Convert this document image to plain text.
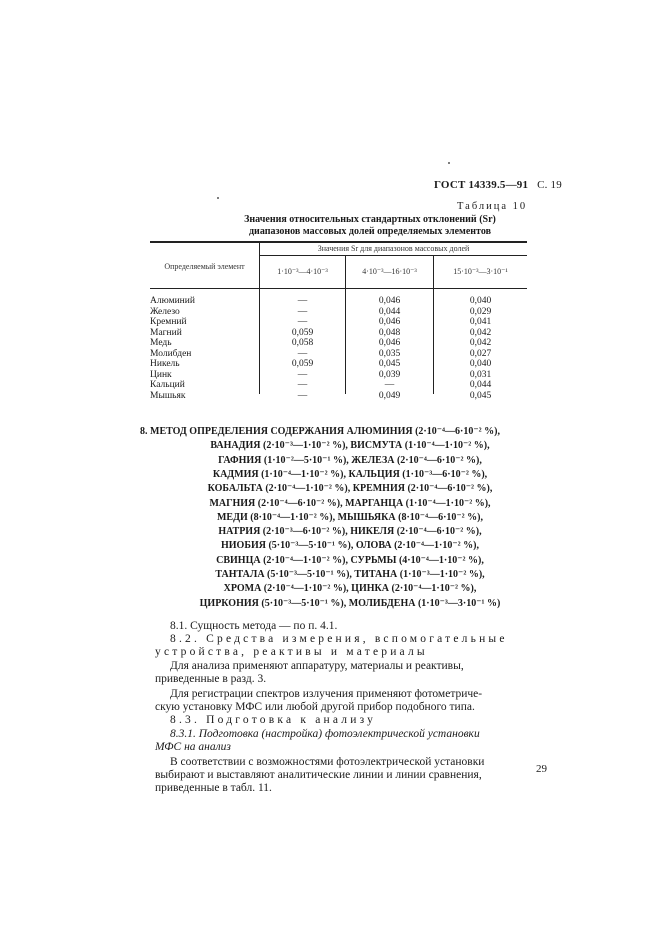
ГОСТ 14339.5—91 С. 19
Таблица 10
Значения относительных стандартных отклонений (Sr)
диапазонов массовых долей определяемых элементов
Определяемый элемент
Значения Sr для диапазонов массовых долей
1·10⁻³—4·10⁻³	4·10⁻³—16·10⁻³	15·10⁻³—3·10⁻¹
Алюминий	—	0,046	0,040
Железо	—	0,044	0,029
Кремний	—	0,046	0,041
Магний	0,059	0,048	0,042
Медь	0,058	0,046	0,042
Молибден	—	0,035	0,027
Никель	0,059	0,045	0,040
Цинк	—	0,039	0,031
Кальций	—	—	0,044
Мышьяк	—	0,049	0,045
8. МЕТОД ОПРЕДЕЛЕНИЯ СОДЕРЖАНИЯ АЛЮМИНИЯ (2·10⁻⁴—6·10⁻² %),
ВАНАДИЯ (2·10⁻³—1·10⁻² %), ВИСМУТА (1·10⁻⁴—1·10⁻² %),
ГАФНИЯ (1·10⁻²—5·10⁻¹ %), ЖЕЛЕЗА (2·10⁻⁴—6·10⁻² %),
КАДМИЯ (1·10⁻⁴—1·10⁻² %), КАЛЬЦИЯ (1·10⁻³—6·10⁻² %),
КОБАЛЬТА (2·10⁻⁴—1·10⁻² %), КРЕМНИЯ (2·10⁻⁴—6·10⁻² %),
МАГНИЯ (2·10⁻⁴—6·10⁻² %), МАРГАНЦА (1·10⁻⁴—1·10⁻² %),
МЕДИ (8·10⁻⁴—1·10⁻² %), МЫШЬЯКА (8·10⁻⁴—6·10⁻² %),
НАТРИЯ (2·10⁻³—6·10⁻² %), НИКЕЛЯ (2·10⁻⁴—6·10⁻² %),
НИОБИЯ (5·10⁻³—5·10⁻¹ %), ОЛОВА (2·10⁻⁴—1·10⁻² %),
СВИНЦА (2·10⁻⁴—1·10⁻² %), СУРЬМЫ (4·10⁻⁴—1·10⁻² %),
ТАНТАЛА (5·10⁻³—5·10⁻¹ %), ТИТАНА (1·10⁻³—1·10⁻² %),
ХРОМА (2·10⁻⁴—1·10⁻² %), ЦИНКА (2·10⁻⁴—1·10⁻² %),
ЦИРКОНИЯ (5·10⁻³—5·10⁻¹ %), МОЛИБДЕНА (1·10⁻³—3·10⁻¹ %)
8.1. Сущность метода — по п. 4.1.
8.2. Средства измерения, вспомогательные
устройства, реактивы и материалы
Для анализа применяют аппаратуру, материалы и реактивы,
приведенные в разд. 3.
Для регистрации спектров излучения применяют фотометриче-
скую установку МФС или любой другой прибор подобного типа.
8.3. Подготовка к анализу
8.3.1. Подготовка (настройка) фотоэлектрической установки
МФС на анализ
В соответствии с возможностями фотоэлектрической установки
выбирают и выставляют аналитические линии и линии сравнения,
приведенные в табл. 11.
29
